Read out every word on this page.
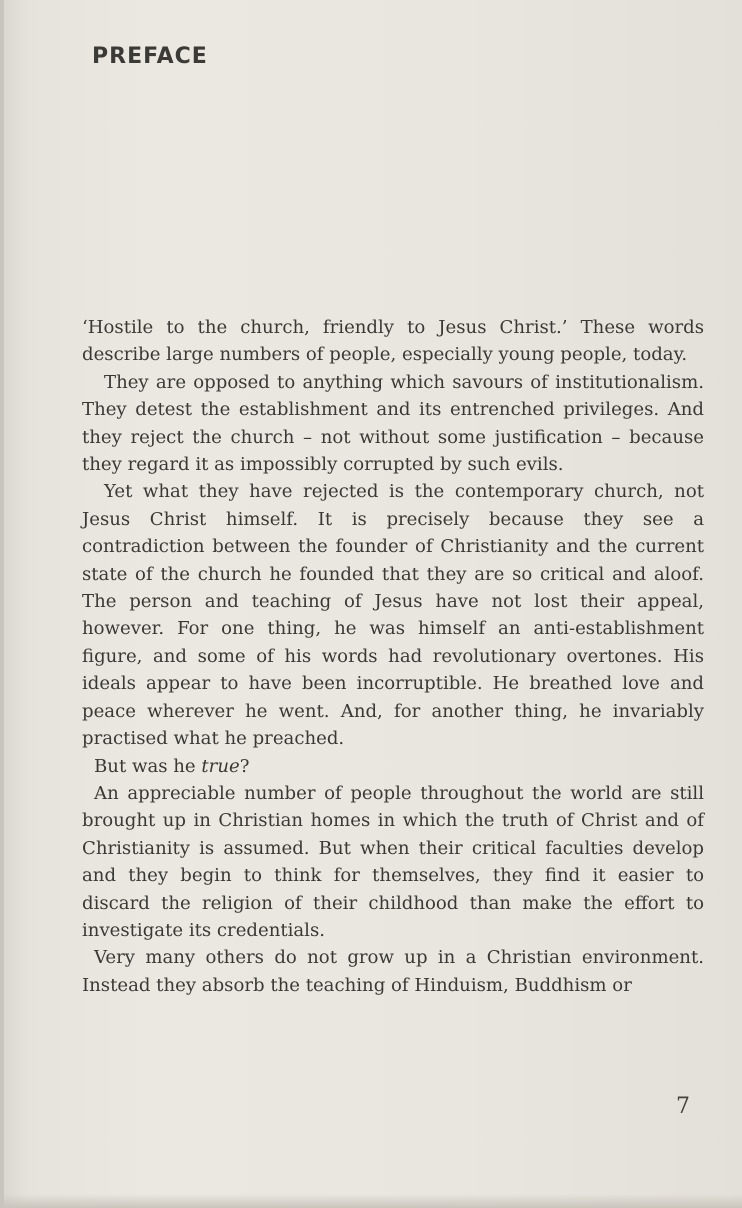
PREFACE

‘Hostile to the church, friendly to Jesus Christ.’ These words describe large numbers of people, especially young people, today.

They are opposed to anything which savours of institutionalism. They detest the establishment and its entrenched privileges. And they reject the church – not without some justification – because they regard it as impossibly corrupted by such evils.

Yet what they have rejected is the contemporary church, not Jesus Christ himself. It is precisely because they see a contradiction between the founder of Christianity and the current state of the church he founded that they are so critical and aloof. The person and teaching of Jesus have not lost their appeal, however. For one thing, he was himself an anti-establishment figure, and some of his words had revolutionary overtones. His ideals appear to have been incorruptible. He breathed love and peace wherever he went. And, for another thing, he invariably practised what he preached.

But was he true?

An appreciable number of people throughout the world are still brought up in Christian homes in which the truth of Christ and of Christianity is assumed. But when their critical faculties develop and they begin to think for themselves, they find it easier to discard the religion of their childhood than make the effort to investigate its credentials.

Very many others do not grow up in a Christian environment. Instead they absorb the teaching of Hinduism, Buddhism or

7
